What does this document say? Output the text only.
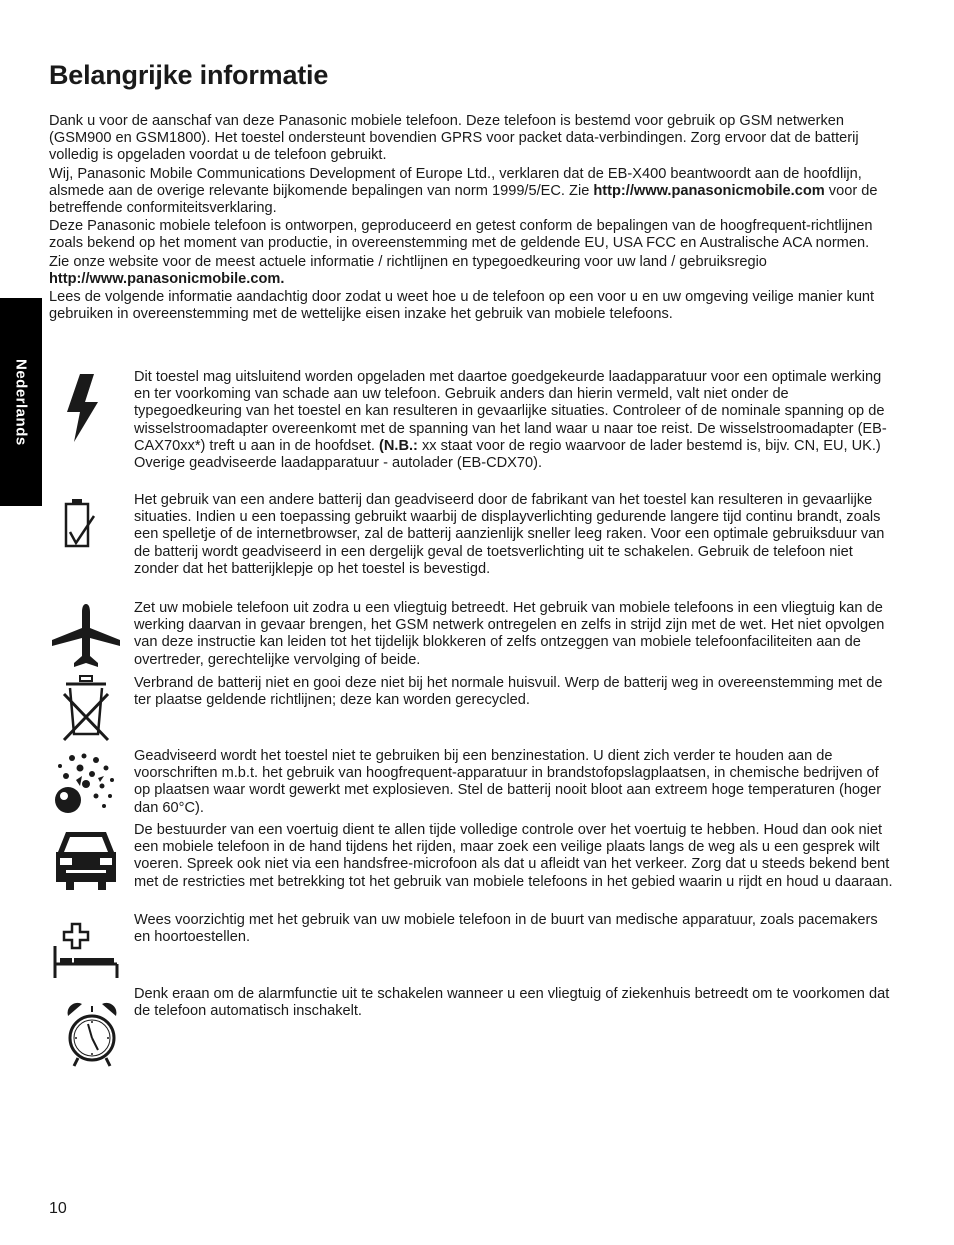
Belangrijke informatie

Dank u voor de aanschaf van deze Panasonic mobiele telefoon. Deze telefoon is bestemd voor gebruik op GSM netwerken (GSM900 en GSM1800). Het toestel ondersteunt bovendien GPRS voor packet data-verbindingen. Zorg ervoor dat de batterij volledig is opgeladen voordat u de telefoon gebruikt.

Wij, Panasonic Mobile Communications Development of Europe Ltd., verklaren dat de EB-X400 beantwoordt aan de hoofdlijn, alsmede aan de overige relevante bijkomende bepalingen van norm 1999/5/EC. Zie http://www.panasonicmobile.com voor de betreffende conformiteitsverklaring.

Deze Panasonic mobiele telefoon is ontworpen, geproduceerd en getest conform de bepalingen van de hoogfrequent-richtlijnen zoals bekend op het moment van productie, in overeenstemming met de geldende EU, USA FCC en Australische ACA normen.

Zie onze website voor de meest actuele informatie / richtlijnen en typegoedkeuring voor uw land / gebruiksregio http://www.panasonicmobile.com.

Lees de volgende informatie aandachtig door zodat u weet hoe u de telefoon op een voor u en uw omgeving veilige manier kunt gebruiken in overeenstemming met de wettelijke eisen inzake het gebruik van mobiele telefoons.

Nederlands	Dit toestel mag uitsluitend worden opgeladen met daartoe goedgekeurde laadapparatuur voor een optimale werking en ter voorkoming van schade aan uw telefoon. Gebruik anders dan hierin vermeld, valt niet onder de typegoedkeuring van het toestel en kan resulteren in gevaarlijke situaties. Controleer of de nominale spanning op de wisselstroomadapter overeenkomt met de spanning van het land waar u naar toe reist. De wisselstroomadapter (EB-CAX70xx*) treft u aan in de hoofdset. (N.B.: xx staat voor de regio waarvoor de lader bestemd is, bijv. CN, EU, UK.) Overige geadviseerde laadapparatuur - autolader (EB-CDX70).

Het gebruik van een andere batterij dan geadviseerd door de fabrikant van het toestel kan resulteren in gevaarlijke situaties. Indien u een toepassing gebruikt waarbij de displayverlichting gedurende langere tijd continu brandt, zoals een spelletje of de internetbrowser, zal de batterij aanzienlijk sneller leeg raken. Voor een optimale gebruiksduur van de batterij wordt geadviseerd in een dergelijk geval de toetsverlichting uit te schakelen. Gebruik de telefoon niet zonder dat het batterijklepje op het toestel is bevestigd.

Zet uw mobiele telefoon uit zodra u een vliegtuig betreedt. Het gebruik van mobiele telefoons in een vliegtuig kan de werking daarvan in gevaar brengen, het GSM netwerk ontregelen en zelfs in strijd zijn met de wet. Het niet opvolgen van deze instructie kan leiden tot het tijdelijk blokkeren of zelfs ontzeggen van mobiele telefoonfaciliteiten aan de overtreder, gerechtelijke vervolging of beide.

Verbrand de batterij niet en gooi deze niet bij het normale huisvuil. Werp de batterij weg in overeenstemming met de ter plaatse geldende richtlijnen; deze kan worden gerecycled.

Geadviseerd wordt het toestel niet te gebruiken bij een benzinestation. U dient zich verder te houden aan de voorschriften m.b.t. het gebruik van hoogfrequent-apparatuur in brandstofopslagplaatsen, in chemische bedrijven of op plaatsen waar wordt gewerkt met explosieven. Stel de batterij nooit bloot aan extreem hoge temperaturen (hoger dan 60°C).

De bestuurder van een voertuig dient te allen tijde volledige controle over het voertuig te hebben. Houd dan ook niet een mobiele telefoon in de hand tijdens het rijden, maar zoek een veilige plaats langs de weg als u een gesprek wilt voeren. Spreek ook niet via een handsfree-microfoon als dat u afleidt van het verkeer. Zorg dat u steeds bekend bent met de restricties met betrekking tot het gebruik van mobiele telefoons in het gebied waarin u rijdt en houd u daaraan.

Wees voorzichtig met het gebruik van uw mobiele telefoon in de buurt van medische apparatuur, zoals pacemakers en hoortoestellen.

Denk eraan om de alarmfunctie uit te schakelen wanneer u een vliegtuig of ziekenhuis betreedt om te voorkomen dat de telefoon automatisch inschakelt.

10
